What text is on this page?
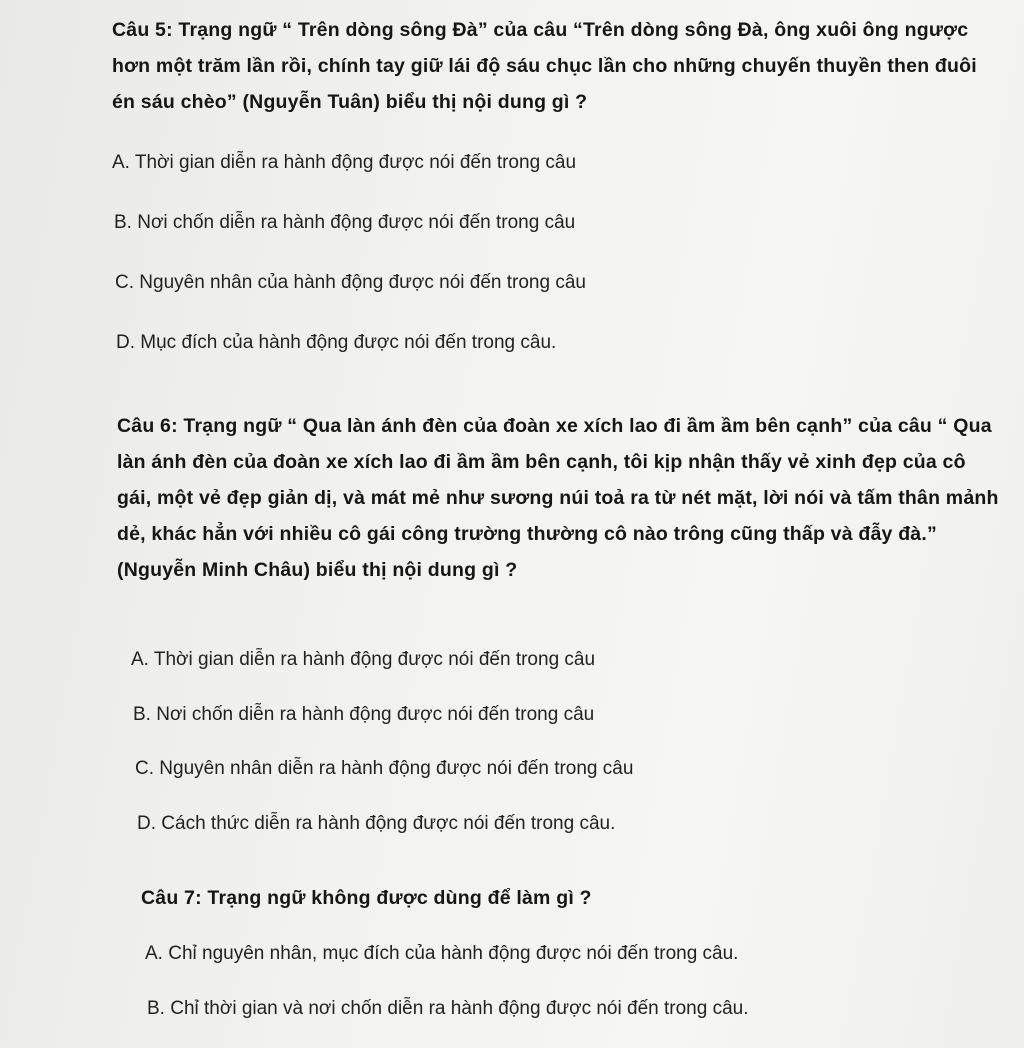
Câu 5: Trạng ngữ “ Trên dòng sông Đà” của câu “Trên dòng sông Đà, ông xuôi ông ngược hơn một trăm lần rồi, chính tay giữ lái độ sáu chục lần cho những chuyến thuyền then đuôi én sáu chèo” (Nguyễn Tuân) biểu thị nội dung gì ?
A. Thời gian diễn ra hành động được nói đến trong câu
B. Nơi chốn diễn ra hành động được nói đến trong câu
C. Nguyên nhân của hành động được nói đến trong câu
D. Mục đích của hành động được nói đến trong câu.
Câu 6: Trạng ngữ “ Qua làn ánh đèn của đoàn xe xích lao đi ầm ầm bên cạnh” của câu “ Qua làn ánh đèn của đoàn xe xích lao đi ầm ầm bên cạnh, tôi kịp nhận thấy vẻ xinh đẹp của cô gái, một vẻ đẹp giản dị, và mát mẻ như sương núi toả ra từ nét mặt, lời nói và tấm thân mảnh dẻ, khác hẳn với nhiều cô gái công trường thường cô nào trông cũng thấp và đẫy đà.” (Nguyễn Minh Châu) biểu thị nội dung gì ?
A. Thời gian diễn ra hành động được nói đến trong câu
B. Nơi chốn diễn ra hành động được nói đến trong câu
C. Nguyên nhân diễn ra hành động được nói đến trong câu
D. Cách thức diễn ra hành động được nói đến trong câu.
Câu 7: Trạng ngữ không được dùng để làm gì ?
A. Chỉ nguyên nhân, mục đích của hành động được nói đến trong câu.
B. Chỉ thời gian và nơi chốn diễn ra hành động được nói đến trong câu.
